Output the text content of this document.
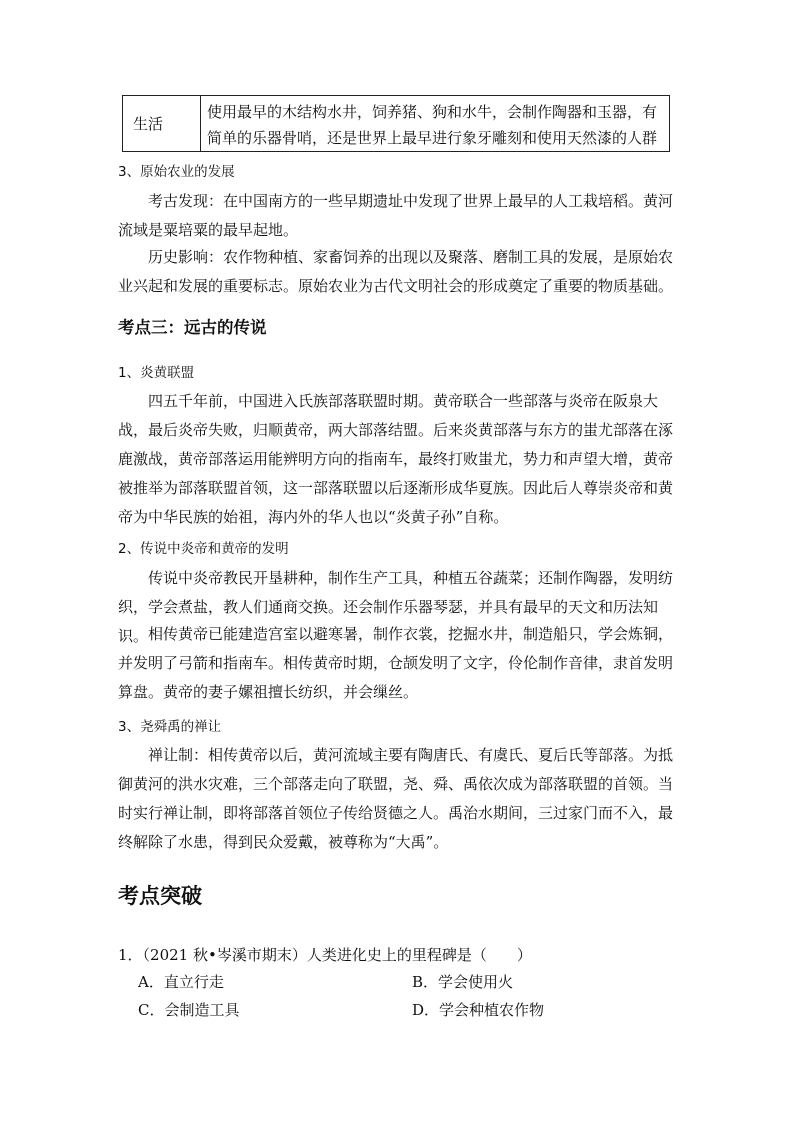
生活
使用最早的木结构水井，饲养猪、狗和水牛，会制作陶器和玉器，有简单的乐器骨哨，还是世界上最早进行象牙雕刻和使用天然漆的人群
3、原始农业的发展
考古发现：在中国南方的一些早期遗址中发现了世界上最早的人工栽培稻。黄河流域是粟培粟的最早起地。
历史影响：农作物种植、家畜饲养的出现以及聚落、磨制工具的发展，是原始农业兴起和发展的重要标志。原始农业为古代文明社会的形成奠定了重要的物质基础。
考点三：远古的传说
1、炎黄联盟
四五千年前，中国进入氏族部落联盟时期。黄帝联合一些部落与炎帝在阪泉大战，最后炎帝失败，归顺黄帝，两大部落结盟。后来炎黄部落与东方的蚩尤部落在涿鹿激战，黄帝部落运用能辨明方向的指南车，最终打败蚩尤，势力和声望大增，黄帝被推举为部落联盟首领，这一部落联盟以后逐渐形成华夏族。因此后人尊崇炎帝和黄帝为中华民族的始祖，海内外的华人也以“炎黄子孙”自称。
2、传说中炎帝和黄帝的发明
传说中炎帝教民开垦耕种，制作生产工具，种植五谷蔬菜；还制作陶器，发明纺织，学会煮盐，教人们通商交换。还会制作乐器琴瑟，并具有最早的天文和历法知识。 相传黄帝已能建造宫室以避寒暑，制作衣裳，挖掘水井，制造船只，学会炼铜，并发明了弓箭和指南车。相传黄帝时期，仓颉发明了文字，伶伦制作音律，隶首发明算盘。黄帝的妻子嫘祖擅长纺织，并会缫丝。
3、尧舜禹的禅让
禅让制：相传黄帝以后，黄河流域主要有陶唐氏、有虞氏、夏后氏等部落。为抵御黄河的洪水灾难，三个部落走向了联盟，尧、舜、禹依次成为部落联盟的首领。当时实行禅让制，即将部落首领位子传给贤德之人。禹治水期间，三过家门而不入，最终解除了水患，得到民众爱戴，被尊称为“大禹”。
考点突破
1．（2021 秋•岑溪市期末）人类进化史上的里程碑是（　　）
A．直立行走	B．学会使用火
C．会制造工具	D．学会种植农作物
